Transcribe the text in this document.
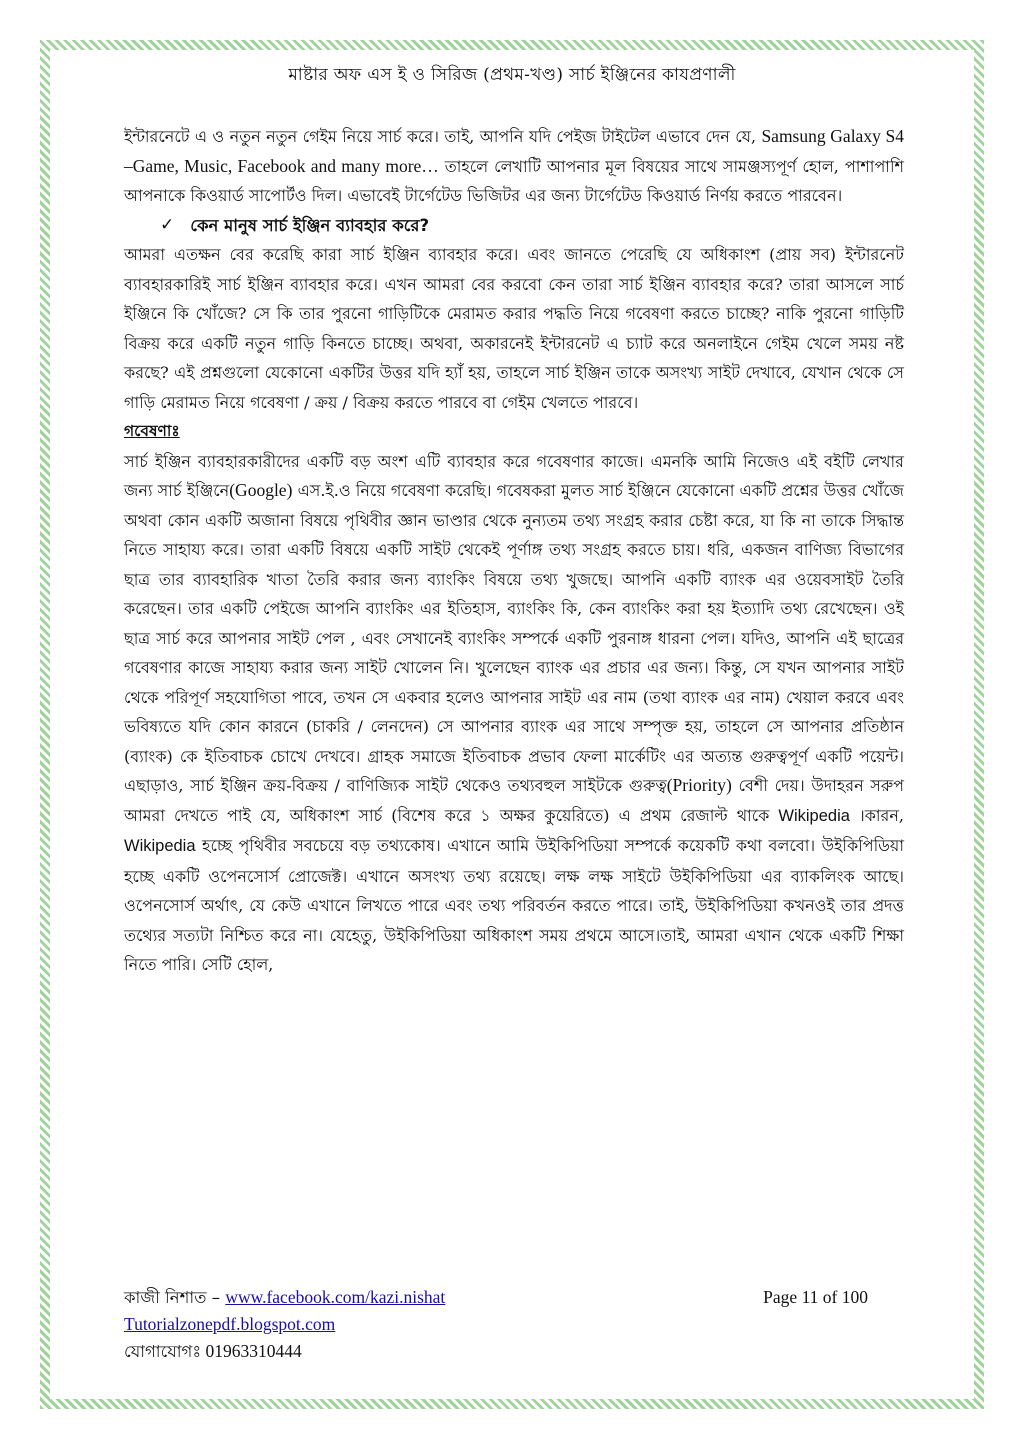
মাষ্টার অফ এস ই ও সিরিজ (প্রথম-খণ্ড) সার্চ ইঞ্জিনের কাযপ্রণালী

ইন্টারনেটে এ ও নতুন নতুন গেইম নিয়ে সার্চ করে। তাই, আপনি যদি পেইজ টাইটেল এভাবে দেন যে, Samsung Galaxy S4 –Game, Music, Facebook and many more… তাহলে লেখাটি আপনার মূল বিষয়ের সাথে সামঞ্জস্যপূর্ণ হোল, পাশাপাশি আপনাকে কিওয়ার্ড সাপোর্টও দিল। এভাবেই টার্গেটেড ভিজিটর এর জন্য টার্গেটেড কিওয়ার্ড নির্ণয় করতে পারবেন।

✓ কেন মানুষ সার্চ ইঞ্জিন ব্যাবহার করে?

আমরা এতক্ষন বের করেছি কারা সার্চ ইঞ্জিন ব্যাবহার করে। এবং জানতে পেরেছি যে অধিকাংশ (প্রায় সব) ইন্টারনেট ব্যাবহারকারিই সার্চ ইঞ্জিন ব্যাবহার করে। এখন আমরা বের করবো কেন তারা সার্চ ইঞ্জিন ব্যাবহার করে? তারা আসলে সার্চ ইঞ্জিনে কি খোঁজে? সে কি তার পুরনো গাড়িটিকে মেরামত করার পদ্ধতি নিয়ে গবেষণা করতে চাচ্ছে? নাকি পুরনো গাড়িটি বিক্রয় করে একটি নতুন গাড়ি কিনতে চাচ্ছে। অথবা, অকারনেই ইন্টারনেট এ চ্যাট করে অনলাইনে গেইম খেলে সময় নষ্ট করছে? এই প্রশ্নগুলো যেকোনো একটির উত্তর যদি হ্যাঁ হয়, তাহলে সার্চ ইঞ্জিন তাকে অসংখ্য সাইট দেখাবে, যেখান থেকে সে গাড়ি মেরামত নিয়ে গবেষণা / ক্রয় / বিক্রয় করতে পারবে বা গেইম খেলতে পারবে।

গবেষণাঃ

সার্চ ইঞ্জিন ব্যাবহারকারীদের একটি বড় অংশ এটি ব্যাবহার করে গবেষণার কাজে। এমনকি আমি নিজেও এই বইটি লেখার জন্য সার্চ ইঞ্জিনে(Google) এস.ই.ও নিয়ে গবেষণা করেছি। গবেষকরা মুলত সার্চ ইঞ্জিনে যেকোনো একটি প্রশ্নের উত্তর খোঁজে অথবা কোন একটি অজানা বিষয়ে পৃথিবীর জ্ঞান ভাণ্ডার থেকে নুন্যতম তথ্য সংগ্রহ করার চেষ্টা করে, যা কি না তাকে সিদ্ধান্ত নিতে সাহায্য করে। তারা একটি বিষয়ে একটি সাইট থেকেই পূর্ণাঙ্গ তথ্য সংগ্রহ করতে চায়। ধরি, একজন বাণিজ্য বিভাগের ছাত্র তার ব্যাবহারিক খাতা তৈরি করার জন্য ব্যাংকিং বিষয়ে তথ্য খুজছে। আপনি একটি ব্যাংক এর ওয়েবসাইট তৈরি করেছেন। তার একটি পেইজে আপনি ব্যাংকিং এর ইতিহাস, ব্যাংকিং কি, কেন ব্যাংকিং করা হয় ইত্যাদি তথ্য রেখেছেন। ওই ছাত্র সার্চ করে আপনার সাইট পেল , এবং সেখানেই ব্যাংকিং সম্পর্কে একটি পুরনাঙ্গ ধারনা পেল। যদিও, আপনি এই ছাত্রের গবেষণার কাজে সাহায্য করার জন্য সাইট খোলেন নি। খুলেছেন ব্যাংক এর প্রচার এর জন্য। কিন্তু, সে যখন আপনার সাইট থেকে পরিপূর্ণ সহযোগিতা পাবে, তখন সে একবার হলেও আপনার সাইট এর নাম (তথা ব্যাংক এর নাম) খেয়াল করবে এবং ভবিষ্যতে যদি কোন কারনে (চাকরি / লেনদেন) সে আপনার ব্যাংক এর সাথে সম্পৃক্ত হয়, তাহলে সে আপনার প্রতিষ্ঠান (ব্যাংক) কে ইতিবাচক চোখে দেখবে। গ্রাহক সমাজে ইতিবাচক প্রভাব ফেলা মার্কেটিং এর অত্যন্ত গুরুত্বপূর্ণ একটি পয়েন্ট। এছাড়াও, সার্চ ইঞ্জিন ক্রয়-বিক্রয় / বাণিজ্যিক সাইট থেকেও তথ্যবহুল সাইটকে গুরুত্ব(Priority) বেশী দেয়। উদাহরন সরুপ আমরা দেখতে পাই যে, অধিকাংশ সার্চ (বিশেষ করে ১ অক্ষর কুয়েরিতে) এ প্রথম রেজাল্ট থাকে Wikipedia ।কারন, Wikipedia হচ্ছে পৃথিবীর সবচেয়ে বড় তথ্যকোষ। এখানে আমি উইকিপিডিয়া সম্পর্কে কয়েকটি কথা বলবো। উইকিপিডিয়া হচ্ছে একটি ওপেনসোর্স প্রোজেক্ট। এখানে অসংখ্য তথ্য রয়েছে। লক্ষ লক্ষ সাইটে উইকিপিডিয়া এর ব্যাকলিংক আছে। ওপেনসোর্স অর্থাৎ, যে কেউ এখানে লিখতে পারে এবং তথ্য পরিবর্তন করতে পারে। তাই, উইকিপিডিয়া কখনওই তার প্রদত্ত তথ্যের সত্যটা নিশ্চিত করে না। যেহেতু, উইকিপিডিয়া অধিকাংশ সময় প্রথমে আসে।তাই, আমরা এখান থেকে একটি শিক্ষা নিতে পারি। সেটি হোল,

কাজী নিশাত – www.facebook.com/kazi.nishat	Page 11 of 100
Tutorialzonepdf.blogspot.com
যোগাযোগঃ 01963310444
